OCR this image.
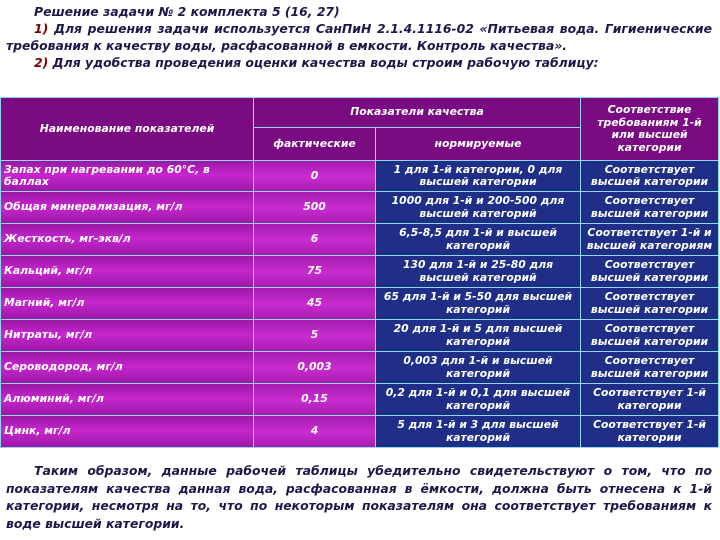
Решение задачи № 2 комплекта 5 (16, 27)

1) Для решения задачи используется СанПиН 2.1.4.1116-02 «Питьевая вода. Гигиенические требования к качеству воды, расфасованной в емкости. Контроль качества».

2) Для удобства проведения оценки качества воды строим рабочую таблицу:

Наименование показателей	Показатели качества		Соответствие требованиям 1-й или высшей категории
	фактические	нормируемые	
Запах при нагревании до 60°С, в баллах	0	1 для 1-й категории, 0 для высшей категории	Соответствует высшей категории
Общая минерализация, мг/л	500	1000 для 1-й и 200-500 для высшей категорий	Соответствует высшей категории
Жесткость, мг-экв/л	6	6,5-8,5 для 1-й и высшей категорий	Соответствует 1-й и высшей категориям
Кальций, мг/л	75	130 для 1-й и 25-80 для высшей категорий	Соответствует высшей категории
Магний, мг/л	45	65 для 1-й и 5-50 для высшей категорий	Соответствует высшей категории
Нитраты, мг/л	5	20 для 1-й и 5 для высшей категорий	Соответствует высшей категории
Сероводород, мг/л	0,003	0,003 для 1-й и высшей категорий	Соответствует высшей категории
Алюминий, мг/л	0,15	0,2 для 1-й и 0,1 для высшей категорий	Соответствует 1-й категории
Цинк, мг/л	4	5 для 1-й и 3 для высшей категорий	Соответствует 1-й категории

Таким образом, данные рабочей таблицы убедительно свидетельствуют о том, что по показателям качества данная вода, расфасованная в ёмкости, должна быть отнесена к 1-й категории, несмотря на то, что по некоторым показателям она соответствует требованиям к воде высшей категории.
